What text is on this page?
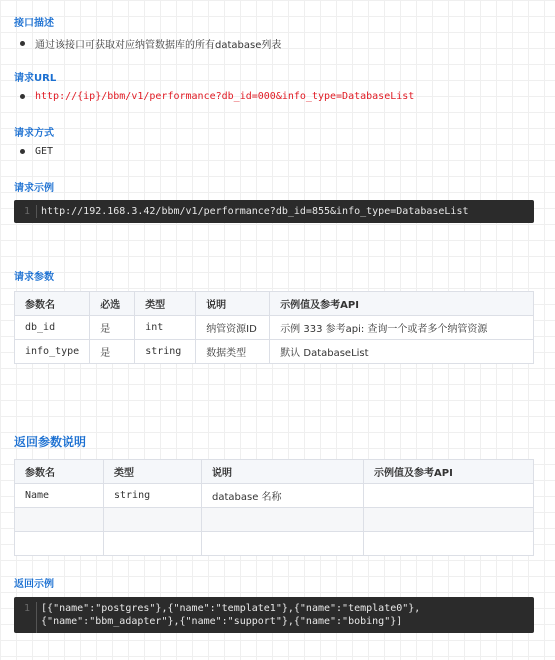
接口描述
通过该接口可获取对应纳管数据库的所有database列表
请求URL
http://{ip}/bbm/v1/performance?db_id=000&info_type=DatabaseList
请求方式
GET
请求示例
1	http://192.168.3.42/bbm/v1/performance?db_id=855&info_type=DatabaseList
请求参数
参数名	必选	类型	说明	示例值及参考API
db_id	是	int	纳管资源ID	示例 333 参考api: 查询一个或者多个纳管资源
info_type	是	string	数据类型	默认 DatabaseList
返回参数说明
参数名	类型	说明	示例值及参考API
Name	string	database 名称	

返回示例
1	[{"name":"postgres"},{"name":"template1"},{"name":"template0"},
{"name":"bbm_adapter"},{"name":"support"},{"name":"bobing"}]
